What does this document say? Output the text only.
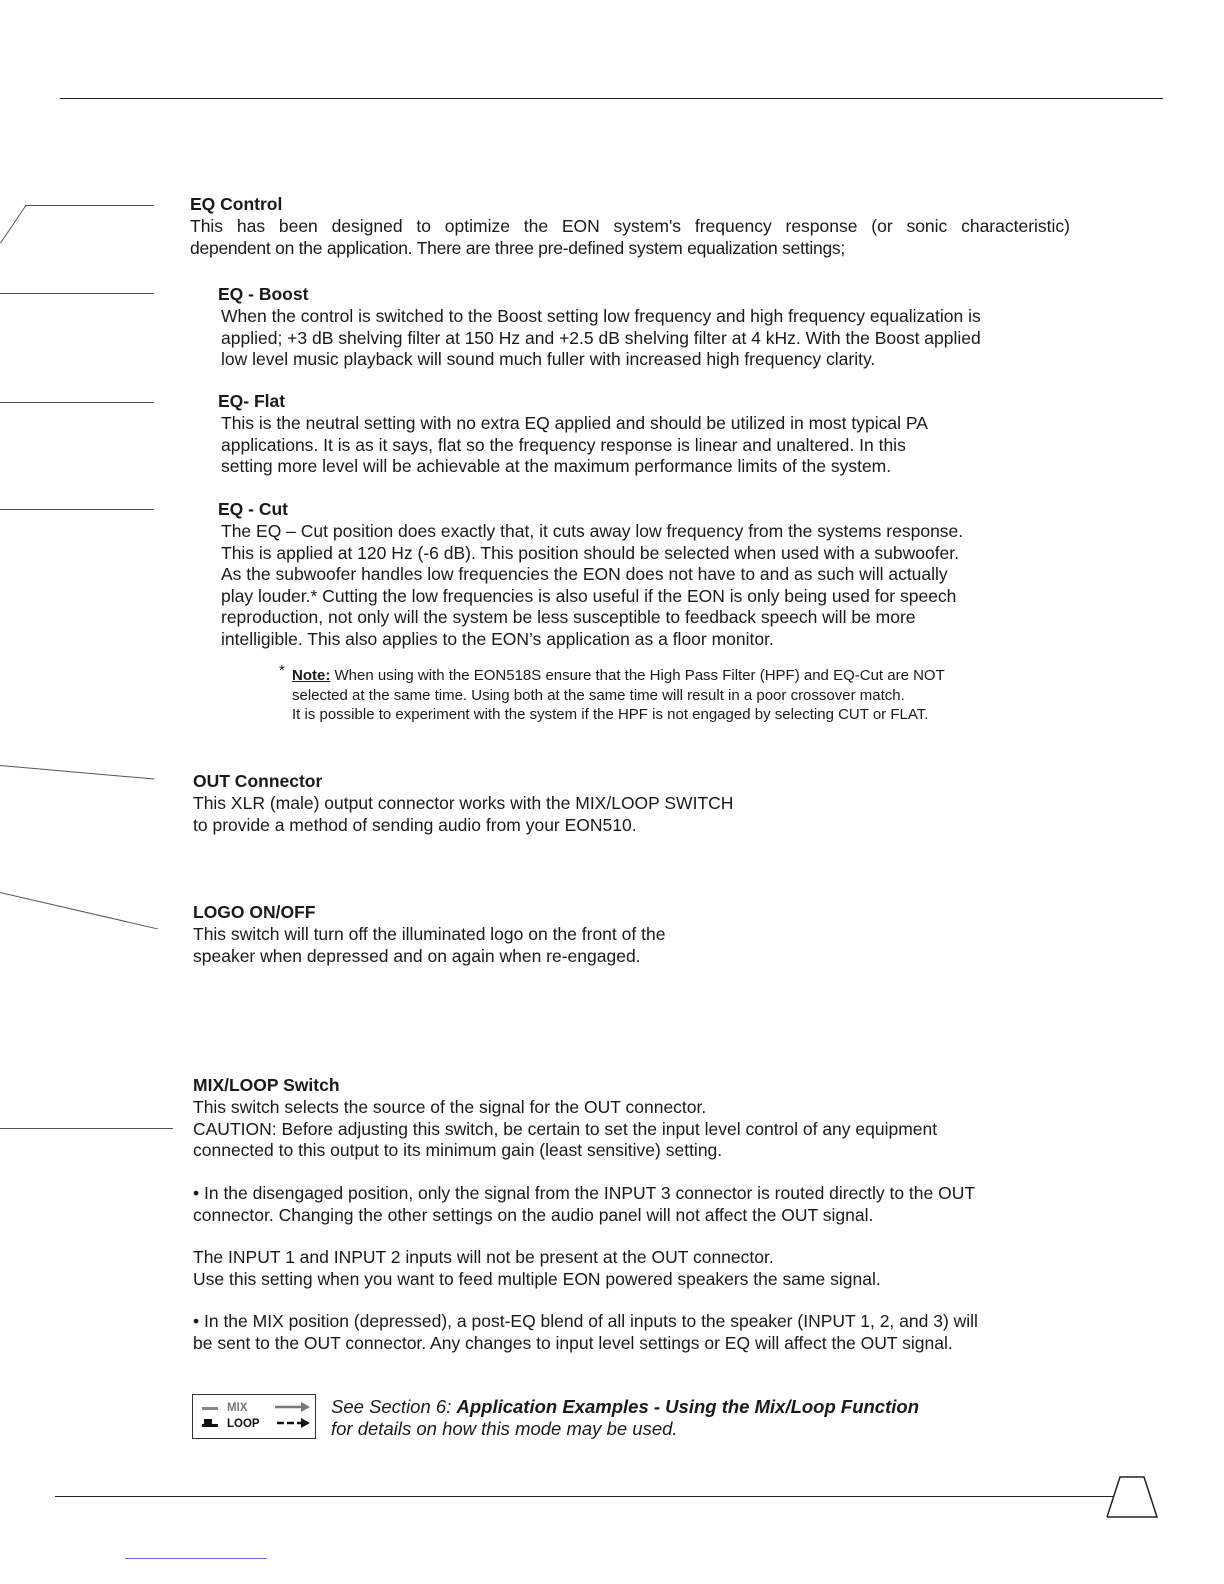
EQ Control
This has been designed to optimize the EON system's frequency response (or sonic characteristic)
dependent on the application. There are three pre-defined system equalization settings;
EQ - Boost
When the control is switched to the Boost setting low frequency and high frequency equalization is
applied; +3 dB shelving filter at 150 Hz and +2.5 dB shelving filter at 4 kHz. With the Boost applied
low level music playback will sound much fuller with increased high frequency clarity.
EQ- Flat
This is the neutral setting with no extra EQ applied and should be utilized in most typical PA
applications. It is as it says, flat so the frequency response is linear and unaltered. In this
setting more level will be achievable at the maximum performance limits of the system.
EQ - Cut
The EQ – Cut position does exactly that, it cuts away low frequency from the systems response.
This is applied at 120 Hz (-6 dB). This position should be selected when used with a subwoofer.
As the subwoofer handles low frequencies the EON does not have to and as such will actually
play louder.* Cutting the low frequencies is also useful if the EON is only being used for speech
reproduction, not only will the system be less susceptible to feedback speech will be more
intelligible. This also applies to the EON’s application as a floor monitor.
* Note: When using with the EON518S ensure that the High Pass Filter (HPF) and EQ-Cut are NOT
selected at the same time. Using both at the same time will result in a poor crossover match.
It is possible to experiment with the system if the HPF is not engaged by selecting CUT or FLAT.
OUT Connector
This XLR (male) output connector works with the MIX/LOOP SWITCH
to provide a method of sending audio from your EON510.
LOGO ON/OFF
This switch will turn off the illuminated logo on the front of the
speaker when depressed and on again when re-engaged.
MIX/LOOP Switch
This switch selects the source of the signal for the OUT connector.
CAUTION: Before adjusting this switch, be certain to set the input level control of any equipment
connected to this output to its minimum gain (least sensitive) setting.
• In the disengaged position, only the signal from the INPUT 3 connector is routed directly to the OUT
connector. Changing the other settings on the audio panel will not affect the OUT signal.
The INPUT 1 and INPUT 2 inputs will not be present at the OUT connector.
Use this setting when you want to feed multiple EON powered speakers the same signal.
• In the MIX position (depressed), a post-EQ blend of all inputs to the speaker (INPUT 1, 2, and 3) will
be sent to the OUT connector. Any changes to input level settings or EQ will affect the OUT signal.
MIX
LOOP
See Section 6: Application Examples - Using the Mix/Loop Function
for details on how this mode may be used.
